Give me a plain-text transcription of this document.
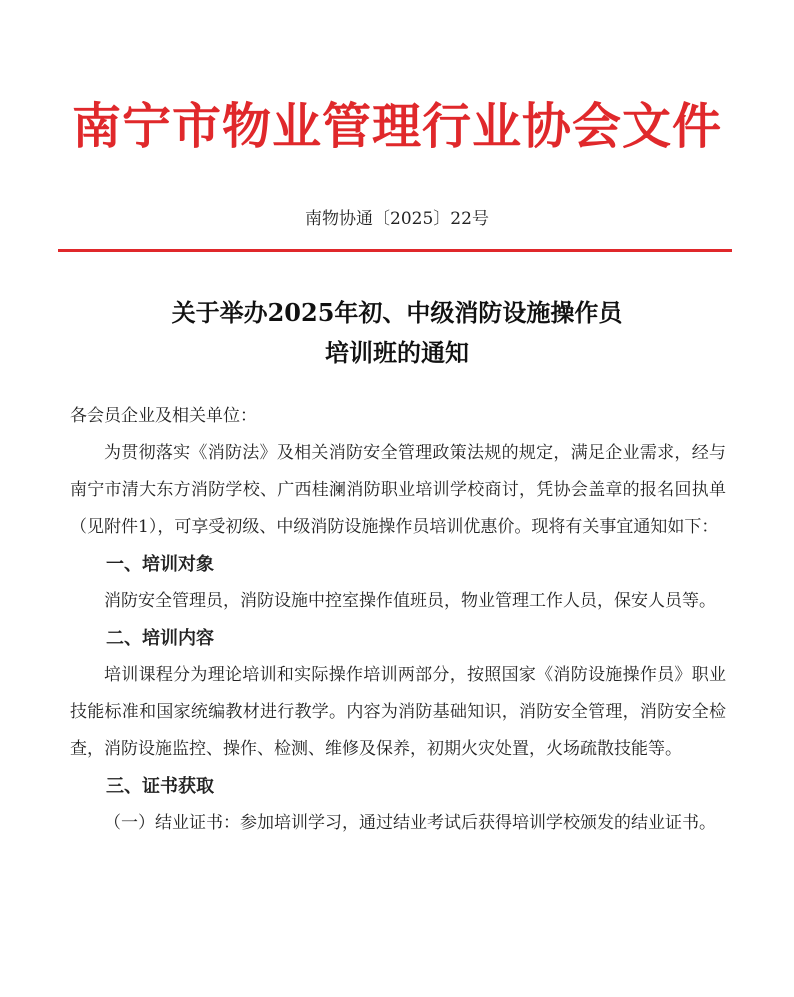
南宁市物业管理行业协会文件
南物协通〔2025〕22号
关于举办2025年初、中级消防设施操作员
培训班的通知

各会员企业及相关单位：

为贯彻落实《消防法》及相关消防安全管理政策法规的规定，满足企业需求，经与南宁市清大东方消防学校、广西桂澜消防职业培训学校商讨，凭协会盖章的报名回执单（见附件1），可享受初级、中级消防设施操作员培训优惠价。现将有关事宜通知如下：

一、培训对象

消防安全管理员，消防设施中控室操作值班员，物业管理工作人员，保安人员等。

二、培训内容

培训课程分为理论培训和实际操作培训两部分，按照国家《消防设施操作员》职业技能标准和国家统编教材进行教学。内容为消防基础知识，消防安全管理，消防安全检查，消防设施监控、操作、检测、维修及保养，初期火灾处置，火场疏散技能等。

三、证书获取

（一）结业证书：参加培训学习，通过结业考试后获得培训学校颁发的结业证书。
